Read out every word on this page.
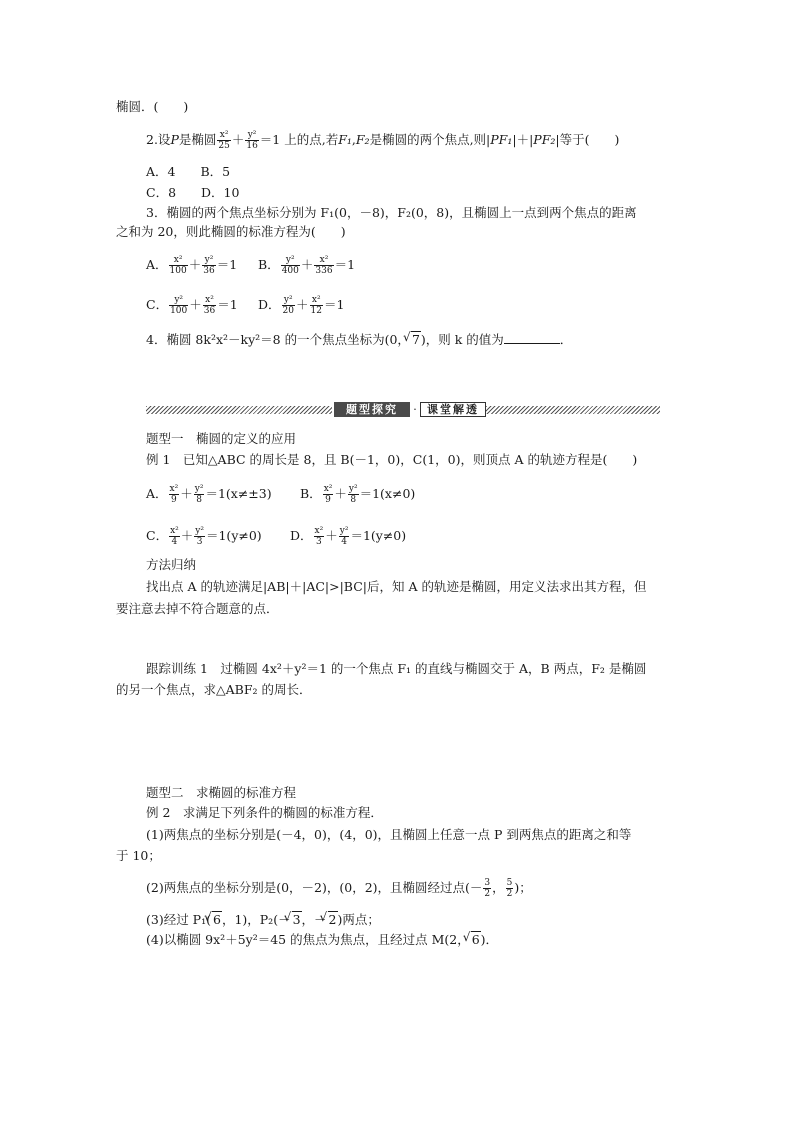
椭圆．(　　)
2.设P是椭圆 $\frac{\text{x²}}{25} + \frac{\text{y²}}{16} =1$ 上的点,若F₁,F₂是椭圆的两个焦点,则|PF₁|＋|PF₂|等于(　　)
A．4　　B．5
C．8　　D．10
3．椭圆的两个焦点坐标分别为 F₁(0，－8)，F₂(0，8)，且椭圆上一点到两个焦点的距离
之和为 20，则此椭圆的标准方程为(　　)
A． $\frac{\text{x²}}{100} + \frac{\text{y²}}{36} =1$ B． $\frac{\text{y²}}{400} + \frac{\text{x²}}{336} =1$
C． $\frac{\text{y²}}{100} + \frac{\text{x²}}{36} =1$ D． $\frac{\text{y²}}{20} + \frac{\text{x²}}{12} =1$
4．椭圆 8k²x²－ky²＝8 的一个焦点坐标为(0， √ 7)，则 k 的值为	．
题型探究	· 课堂解透
题型一　椭圆的定义的应用
例 1　已知△ABC 的周长是 8，且 B(－1，0)，C(1，0)，则顶点 A 的轨迹方程是(　　)
A． $\frac{\text{x²}}{9} + \frac{\text{y²}}{8} =1(x\ne\pm 3)$ B． $\frac{\text{x²}}{9} + \frac{\text{y²}}{8} =1(x\ne 0)$
C． $\frac{\text{x²}}{4} + \frac{\text{y²}}{3} =1(y\ne 0)$ D． $\frac{\text{x²}}{3} + \frac{\text{y²}}{4} =1(y\ne 0)$
方法归纳
找出点 A 的轨迹满足|AB|＋|AC|>|BC|后，知 A 的轨迹是椭圆，用定义法求出其方程，但
要注意去掉不符合题意的点．
跟踪训练 1　过椭圆 4x²＋y²＝1 的一个焦点 F₁ 的直线与椭圆交于 A，B 两点，F₂ 是椭圆
的另一个焦点，求△ABF₂ 的周长．
题型二　求椭圆的标准方程
例 2　求满足下列条件的椭圆的标准方程．
(1)两焦点的坐标分别是(－4，0)，(4，0)，且椭圆上任意一点 P 到两焦点的距离之和等
于 10；
(2)两焦点的坐标分别是(0，－2)，(0，2)，且椭圆经过点(－ $\frac{3}{2}$ ， $\frac{5}{2}$ )；
(3)经过 P₁( √ 6，1)，P₂(－ √ 3，－ √ 2)两点；
(4)以椭圆 9x²＋5y²＝45 的焦点为焦点，且经过点 M(2， √ 6)．
